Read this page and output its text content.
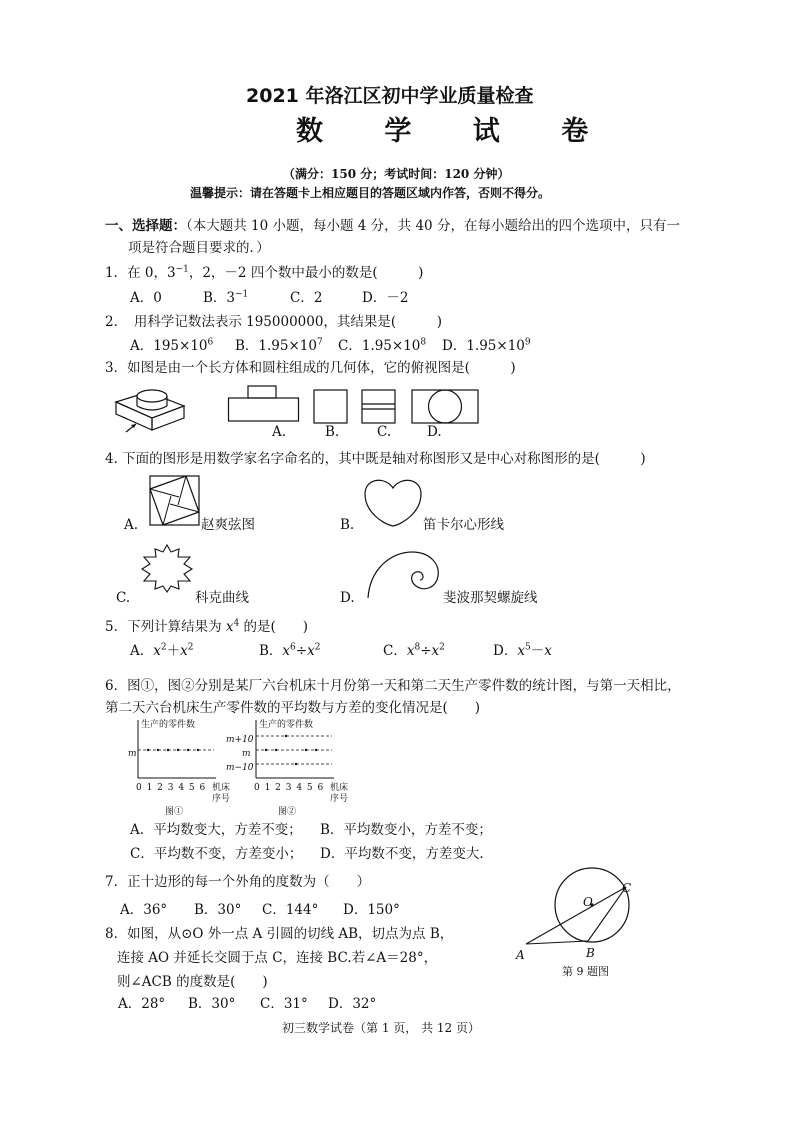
2021 年洛江区初中学业质量检查
数 学 试 卷
（满分：150 分；考试时间：120 分钟）
温馨提示：请在答题卡上相应题目的答题区域内作答，否则不得分。
一、选择题：（本大题共 10 小题，每小题 4 分，共 40 分，在每小题给出的四个选项中，只有一
项是符合题目要求的．）
1．在 0，$3^{-1}$，2，－2 四个数中最小的数是(　　　)
A．0	B．$3^{-1}$	C．2	D．－2
2．　用科学记数法表示 195000000，其结果是(　　　)
A．$195\times 10^6$ B．$1.95\times 10^7$ C．$1.95\times 10^8$ D．$1.95\times 10^9$
3．如图是由一个长方体和圆柱组成的几何体，它的俯视图是(　　　)
A.	B.	C.	D.
4. 下面的图形是用数学家名字命名的，其中既是轴对称图形又是中心对称图形的是(　　　)
A.	赵爽弦图	B.	笛卡尔心形线
C.	科克曲线	D.	斐波那契螺旋线
5．下列计算结果为 $x^4$ 的是(　　)
A．$x^2+x^2$	B．$x^6\div x^2$	C．$x^8\div x^2$	D．$x^5-x$
6．图①，图②分别是某厂六台机床十月份第一天和第二天生产零件数的统计图，与第一天相比，
第二天六台机床生产零件数的平均数与方差的变化情况是(　　)
生产的零件数
m
0 1 2 3 4 5 6 机床
序号
图①
生产的零件数
m+10
m
m−10
0 1 2 3 4 5 6 机床
序号
图②
A．平均数变大，方差不变； B．平均数变小，方差不变；
C．平均数不变，方差变小； D．平均数不变，方差变大.
7．正十边形的每一个外角的度数为（　　）
A．36° B．30° C．144° D．150°
8．如图，从⊙O 外一点 A 引圆的切线 AB，切点为点 B，
连接 AO 并延长交圆于点 C，连接 BC.若∠A＝28°，
则∠ACB 的度数是(　　)
A．28° B．30° C．31° D．32°
O
C
A	B
第 9 题图
初三数学试卷（第 1 页， 共 12 页）
